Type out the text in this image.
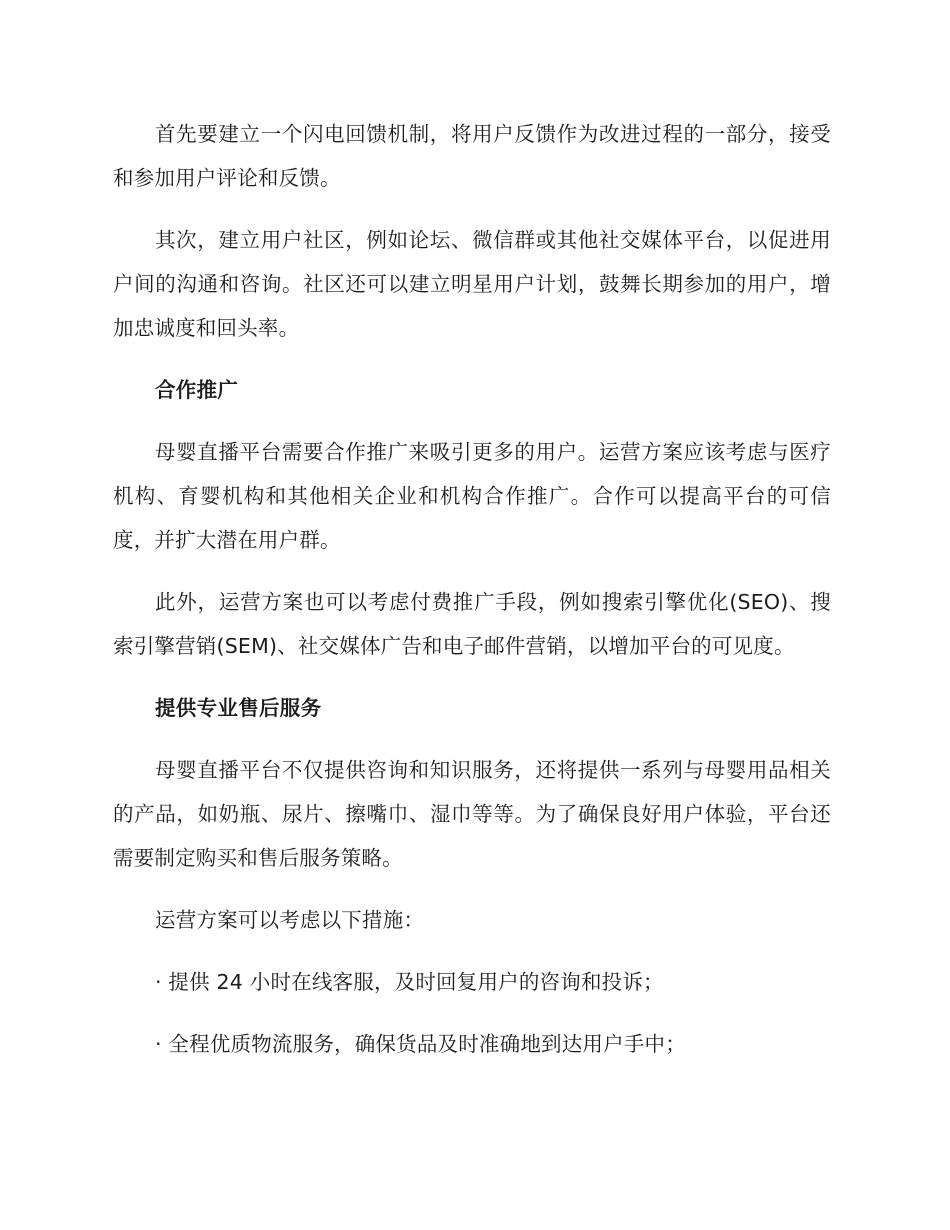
首先要建立一个闪电回馈机制，将用户反馈作为改进过程的一部分，接受和参加用户评论和反馈。

其次，建立用户社区，例如论坛、微信群或其他社交媒体平台，以促进用户间的沟通和咨询。社区还可以建立明星用户计划，鼓舞长期参加的用户，增加忠诚度和回头率。

合作推广

母婴直播平台需要合作推广来吸引更多的用户。运营方案应该考虑与医疗机构、育婴机构和其他相关企业和机构合作推广。合作可以提高平台的可信度，并扩大潜在用户群。

此外，运营方案也可以考虑付费推广手段，例如搜索引擎优化(SEO)、搜索引擎营销(SEM)、社交媒体广告和电子邮件营销，以增加平台的可见度。

提供专业售后服务

母婴直播平台不仅提供咨询和知识服务，还将提供一系列与母婴用品相关的产品，如奶瓶、尿片、擦嘴巾、湿巾等等。为了确保良好用户体验，平台还需要制定购买和售后服务策略。

运营方案可以考虑以下措施：

· 提供 24 小时在线客服，及时回复用户的咨询和投诉；

· 全程优质物流服务，确保货品及时准确地到达用户手中；
